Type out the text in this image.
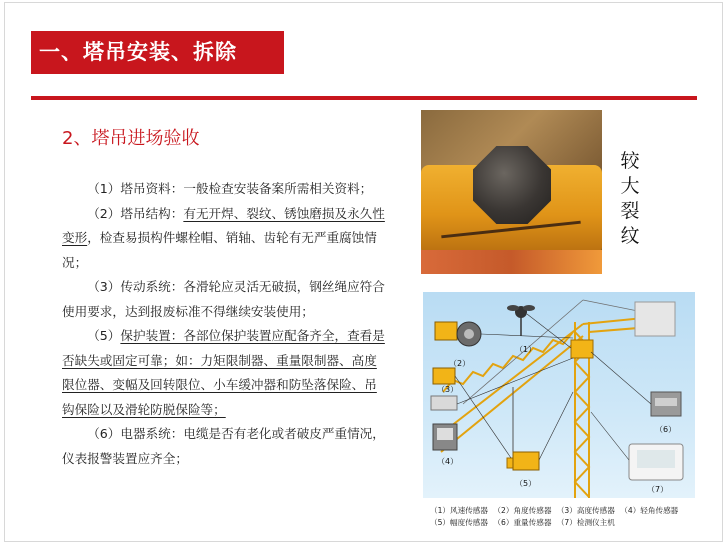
一、塔吊安装、拆除
2、塔吊进场验收

（1）塔吊资料：一般检查安装备案所需相关资料；

（2）塔吊结构：有无开焊、裂纹、锈蚀磨损及永久性变形，检查易损构件螺栓帽、销轴、齿轮有无严重腐蚀情况；

（3）传动系统：各滑轮应灵活无破损，钢丝绳应符合使用要求，达到报废标准不得继续安装使用；

（5）保护装置：各部位保护装置应配备齐全，查看是否缺失或固定可靠；如：力矩限制器、重量限制器、高度限位器、变幅及回转限位、小车缓冲器和防坠落保险、吊钩保险以及滑轮防脱保险等；

（6）电器系统：电缆是否有老化或者破皮严重情况，仪表报警装置应齐全；

较大裂纹
（1）
（2）
（3）
（4）
（5）
（6）
（7）
（1）风速传感器 （2）角度传感器 （3）高度传感器 （4）轻角传感器
（5）幅度传感器 （6）重量传感器 （7）检测仪主机
